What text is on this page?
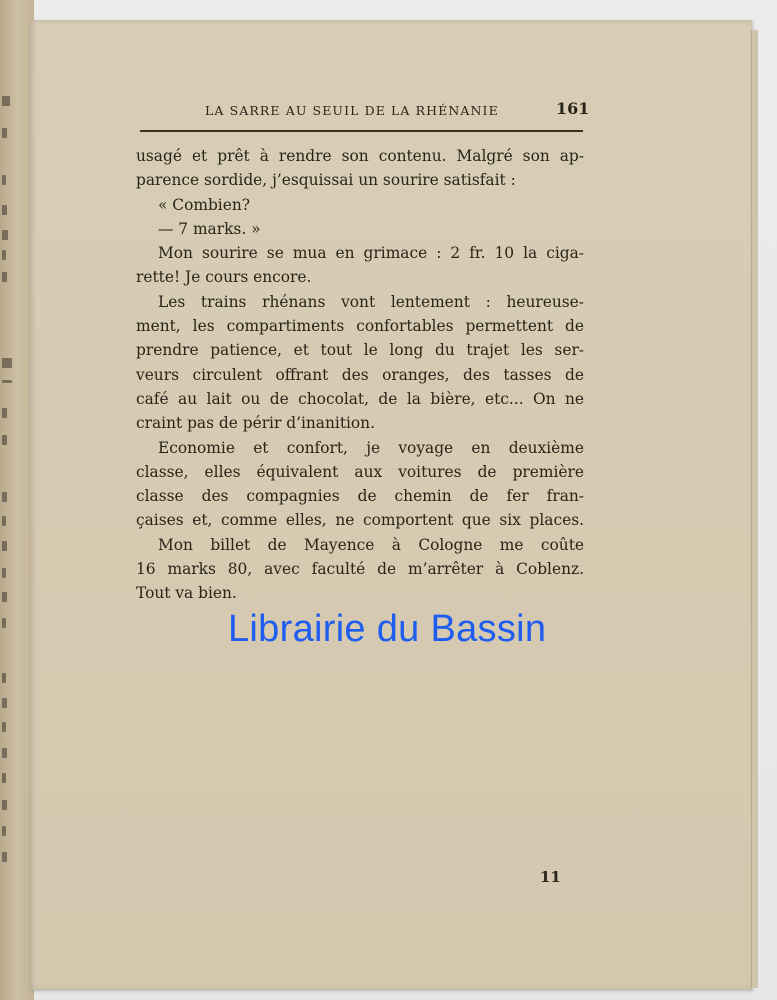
LA SARRE AU SEUIL DE LA RHÉNANIE	161
usagé et prêt à rendre son contenu. Malgré son ap-
parence sordide, j’esquissai un sourire satisfait :
« Combien?
— 7 marks. »
Mon sourire se mua en grimace : 2 fr. 10 la ciga-
rette! Je cours encore.
Les trains rhénans vont lentement : heureuse-
ment, les compartiments confortables permettent de
prendre patience, et tout le long du trajet les ser-
veurs circulent offrant des oranges, des tasses de
café au lait ou de chocolat, de la bière, etc... On ne
craint pas de périr d’inanition.
Economie et confort, je voyage en deuxième
classe, elles équivalent aux voitures de première
classe des compagnies de chemin de fer fran-
çaises et, comme elles, ne comportent que six places.
Mon billet de Mayence à Cologne me coûte
16 marks 80, avec faculté de m’arrêter à Coblenz.
Tout va bien.
Librairie du Bassin
11
